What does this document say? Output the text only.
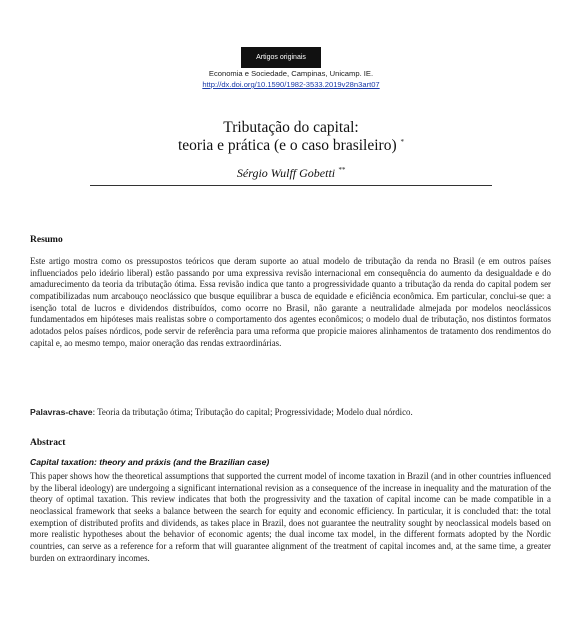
Artigos originais
Economia e Sociedade, Campinas, Unicamp. IE.
http://dx.doi.org/10.1590/1982-3533.2019v28n3art07
Tributação do capital:
teoria e prática (e o caso brasileiro) *
Sérgio Wulff Gobetti **
Resumo
Este artigo mostra como os pressupostos teóricos que deram suporte ao atual modelo de tributação da renda no Brasil (e em outros países influenciados pelo ideário liberal) estão passando por uma expressiva revisão internacional em consequência do aumento da desigualdade e do amadurecimento da teoria da tributação ótima. Essa revisão indica que tanto a progressividade quanto a tributação da renda do capital podem ser compatibilizadas num arcabouço neoclássico que busque equilibrar a busca de equidade e eficiência econômica. Em particular, conclui-se que: a isenção total de lucros e dividendos distribuídos, como ocorre no Brasil, não garante a neutralidade almejada por modelos neoclássicos fundamentados em hipóteses mais realistas sobre o comportamento dos agentes econômicos; o modelo dual de tributação, nos distintos formatos adotados pelos países nórdicos, pode servir de referência para uma reforma que propicie maiores alinhamentos de tratamento dos rendimentos do capital e, ao mesmo tempo, maior oneração das rendas extraordinárias.
Palavras-chave: Teoria da tributação ótima; Tributação do capital; Progressividade; Modelo dual nórdico.
Abstract
Capital taxation: theory and práxis (and the Brazilian case)
This paper shows how the theoretical assumptions that supported the current model of income taxation in Brazil (and in other countries influenced by the liberal ideology) are undergoing a significant international revision as a consequence of the increase in inequality and the maturation of the theory of optimal taxation. This review indicates that both the progressivity and the taxation of capital income can be made compatible in a neoclassical framework that seeks a balance between the search for equity and economic efficiency. In particular, it is concluded that: the total exemption of distributed profits and dividends, as takes place in Brazil, does not guarantee the neutrality sought by neoclassical models based on more realistic hypotheses about the behavior of economic agents; the dual income tax model, in the different formats adopted by the Nordic countries, can serve as a reference for a reform that will guarantee alignment of the treatment of capital incomes and, at the same time, a greater burden on extraordinary incomes.
